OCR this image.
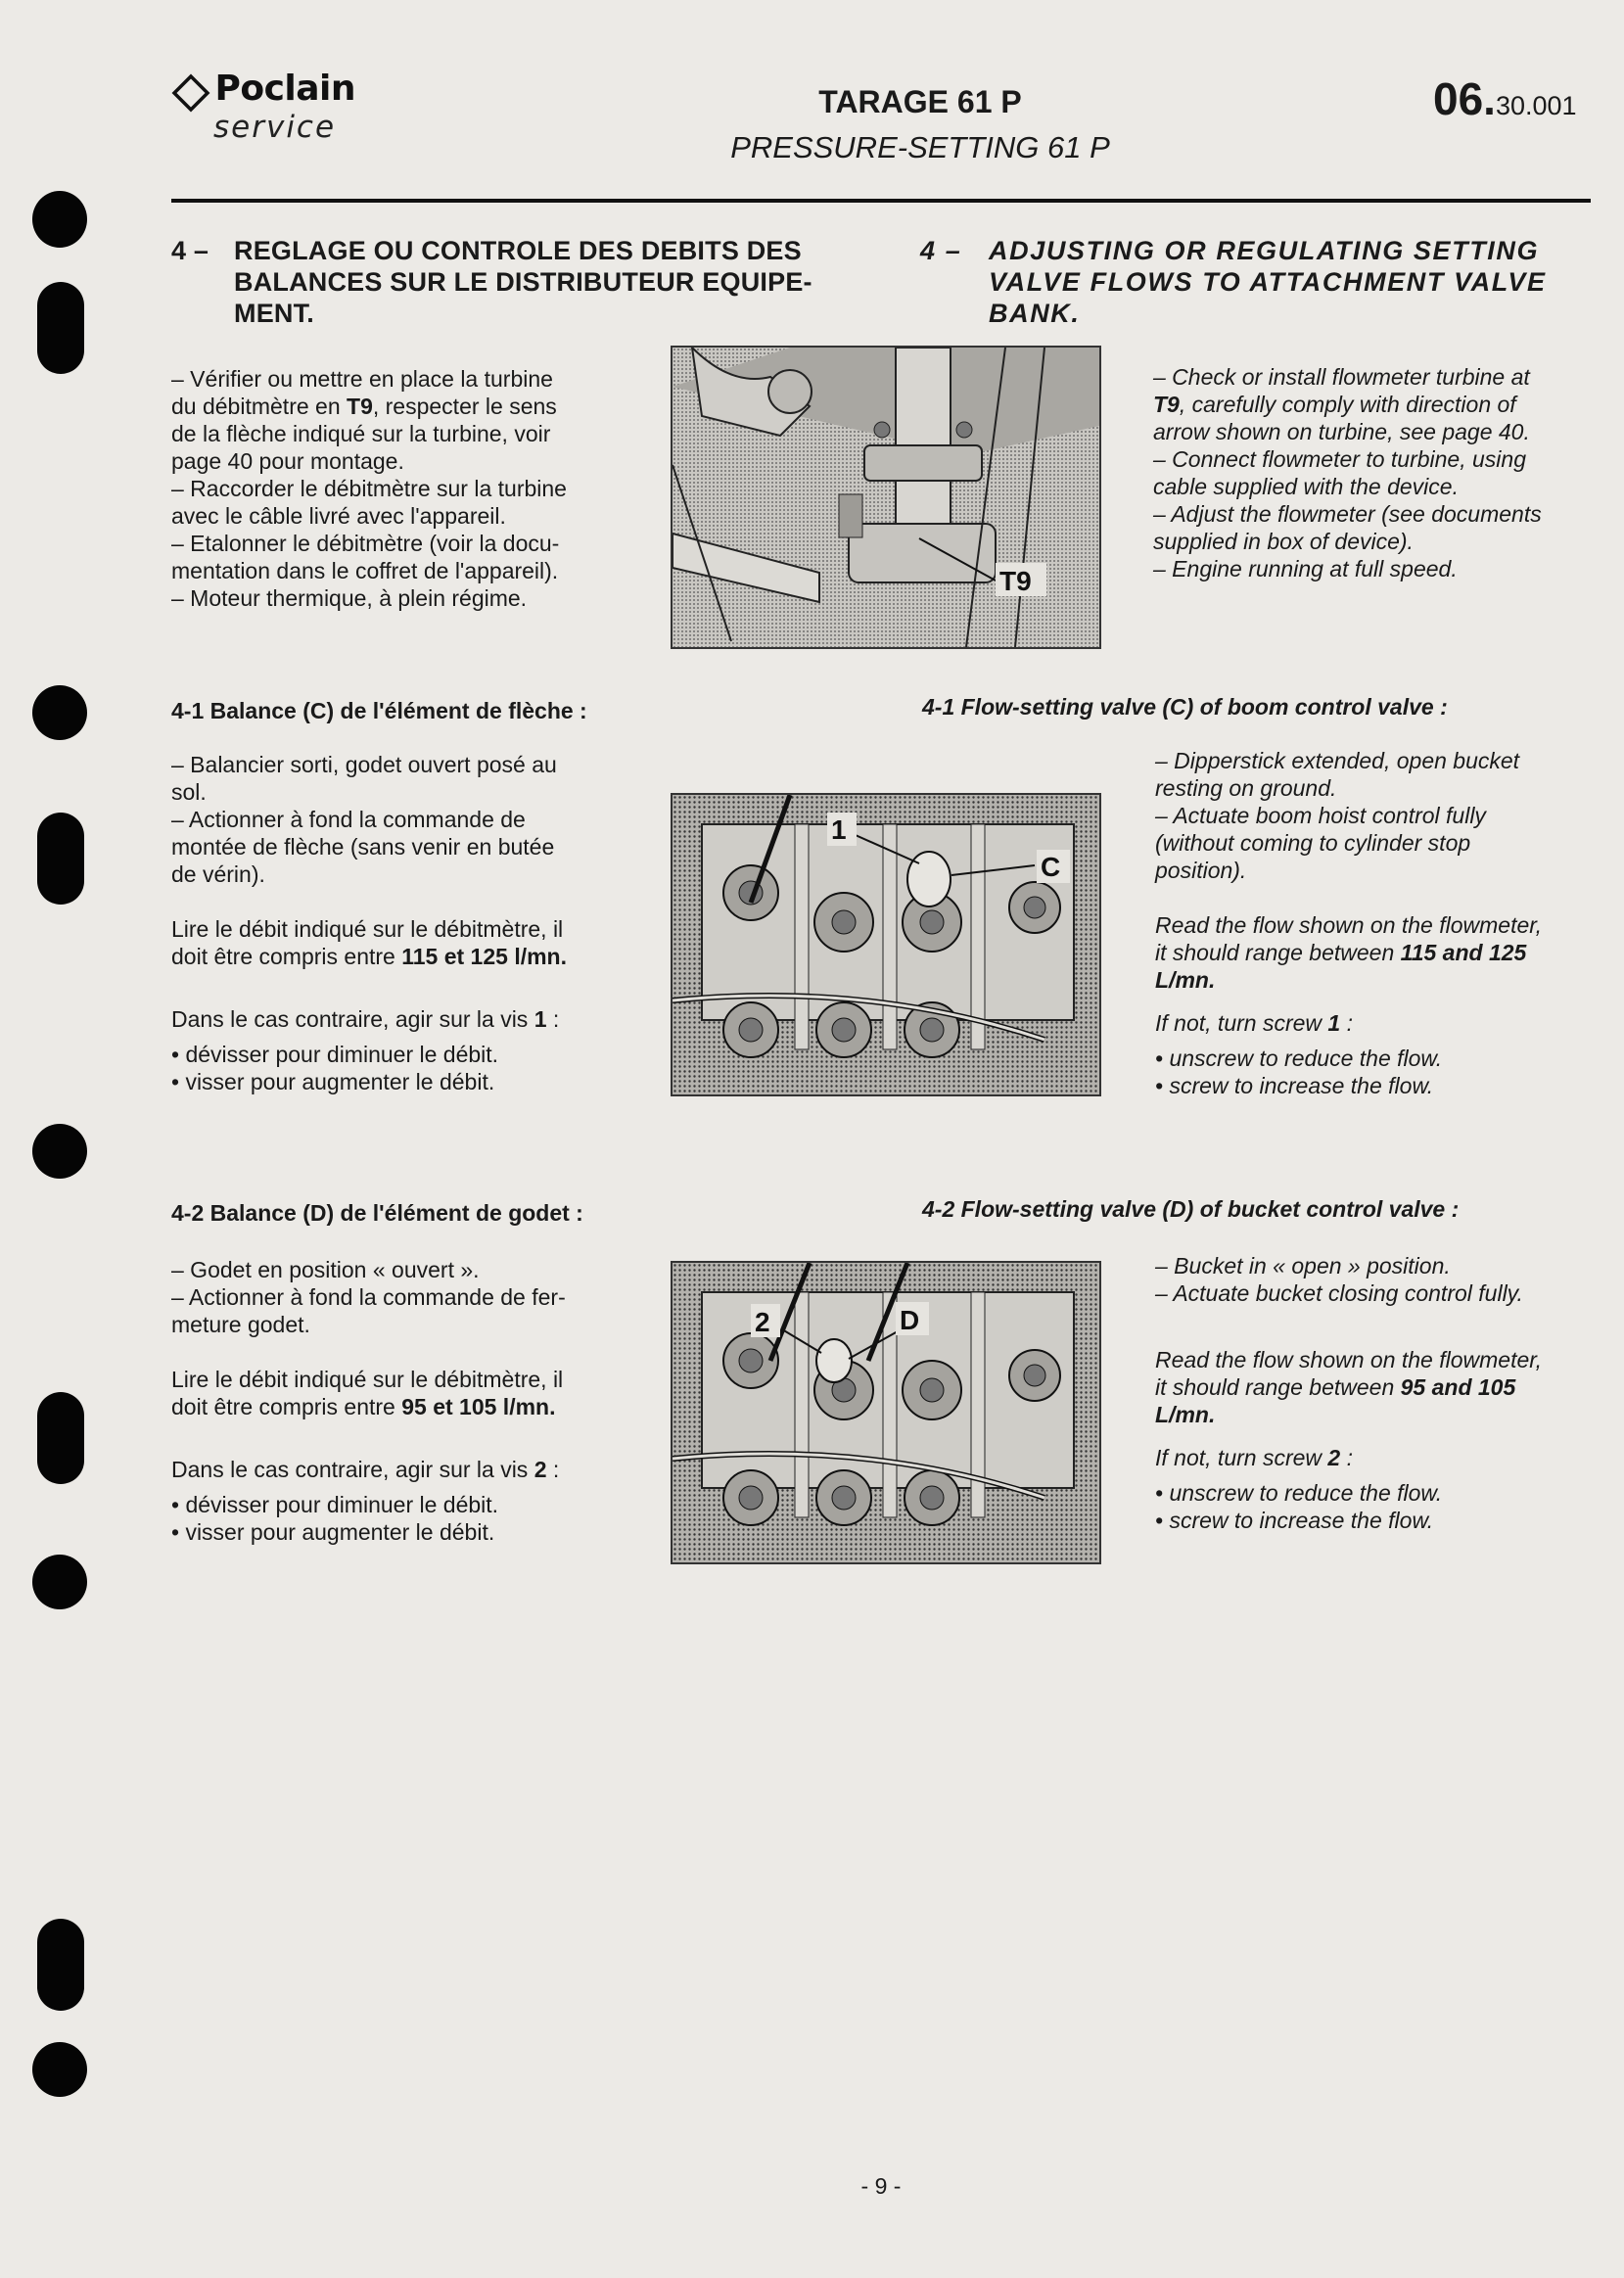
Poclain
service
TARAGE 61 P
PRESSURE-SETTING 61 P
06.30.001
4 – REGLAGE OU CONTROLE DES DEBITS DES
BALANCES SUR LE DISTRIBUTEUR EQUIPE-
MENT.
4 –	ADJUSTING OR REGULATING SETTING
VALVE FLOWS TO ATTACHMENT VALVE
BANK.

– Vérifier ou mettre en place la turbine

du débitmètre en T9, respecter le sens

de la flèche indiqué sur la turbine, voir

page 40 pour montage.

– Raccorder le débitmètre sur la turbine

avec le câble livré avec l'appareil.

– Etalonner le débitmètre (voir la docu-

mentation dans le coffret de l'appareil).

– Moteur thermique, à plein régime.

T9

– Check or install flowmeter turbine at

T9, carefully comply with direction of

arrow shown on turbine, see page 40.

– Connect flowmeter to turbine, using

cable supplied with the device.

– Adjust the flowmeter (see documents

supplied in box of device).

– Engine running at full speed.

4-1 Balance (C) de l'élément de flèche :	4-1 Flow-setting valve (C) of boom control valve :

– Balancier sorti, godet ouvert posé au

sol.

– Actionner à fond la commande de

montée de flèche (sans venir en butée

de vérin).

Lire le débit indiqué sur le débitmètre, il

doit être compris entre 115 et 125 l/mn.

Dans le cas contraire, agir sur la vis 1 :

• dévisser pour diminuer le débit.

• visser pour augmenter le débit.

1
C

– Dipperstick extended, open bucket

resting on ground.

– Actuate boom hoist control fully

(without coming to cylinder stop

position).

Read the flow shown on the flowmeter,

it should range between 115 and 125

L/mn.

If not, turn screw 1 :

• unscrew to reduce the flow.

• screw to increase the flow.

4-2 Balance (D) de l'élément de godet :	4-2 Flow-setting valve (D) of bucket control valve :

– Godet en position « ouvert ».

– Actionner à fond la commande de fer-

meture godet.

Lire le débit indiqué sur le débitmètre, il

doit être compris entre 95 et 105 l/mn.

Dans le cas contraire, agir sur la vis 2 :

• dévisser pour diminuer le débit.

• visser pour augmenter le débit.

2	D

– Bucket in « open » position.

– Actuate bucket closing control fully.

Read the flow shown on the flowmeter,

it should range between 95 and 105

L/mn.

If not, turn screw 2 :

• unscrew to reduce the flow.

• screw to increase the flow.

- 9 -
